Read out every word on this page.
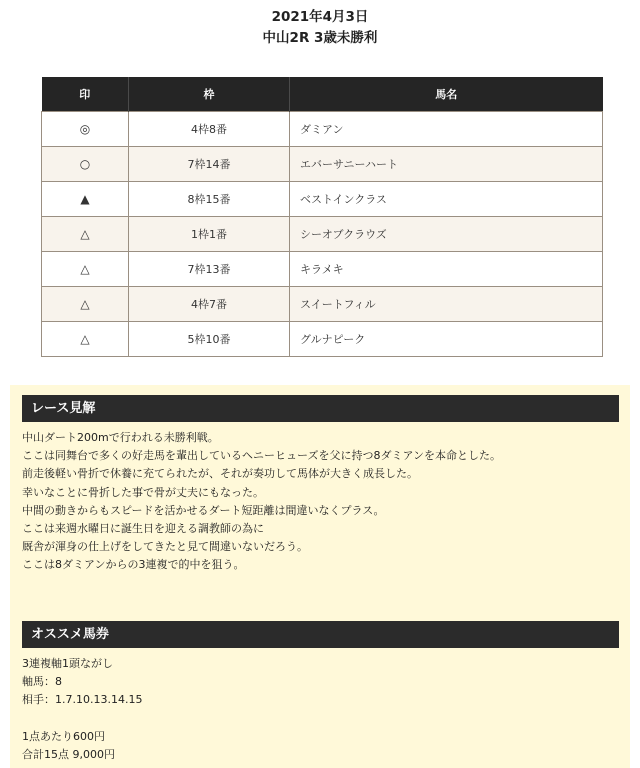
2021年4月3日
中山2R 3歳未勝利
印	枠	馬名
◎	4枠8番	ダミアン
○	7枠14番	エバーサニーハート
▲	8枠15番	ベストインクラス
△	1枠1番	シーオブクラウズ
△	7枠13番	キラメキ
△	4枠7番	スイートフィル
△	5枠10番	グルナピーク
レース見解

中山ダート200mで行われる未勝利戦。

ここは同舞台で多くの好走馬を輩出しているヘニーヒューズを父に持つ8ダミアンを本命とした。

前走後軽い骨折で休養に充てられたが、それが奏功して馬体が大きく成長した。

幸いなことに骨折した事で骨が丈夫にもなった。

中間の動きからもスピードを活かせるダート短距離は間違いなくプラス。

ここは来週水曜日に誕生日を迎える調教師の為に

厩舎が渾身の仕上げをしてきたと見て間違いないだろう。

ここは8ダミアンからの3連複で的中を狙う。

オススメ馬券

3連複軸1頭ながし

軸馬：8

相手：1.7.10.13.14.15

1点あたり600円

合計15点 9,000円
